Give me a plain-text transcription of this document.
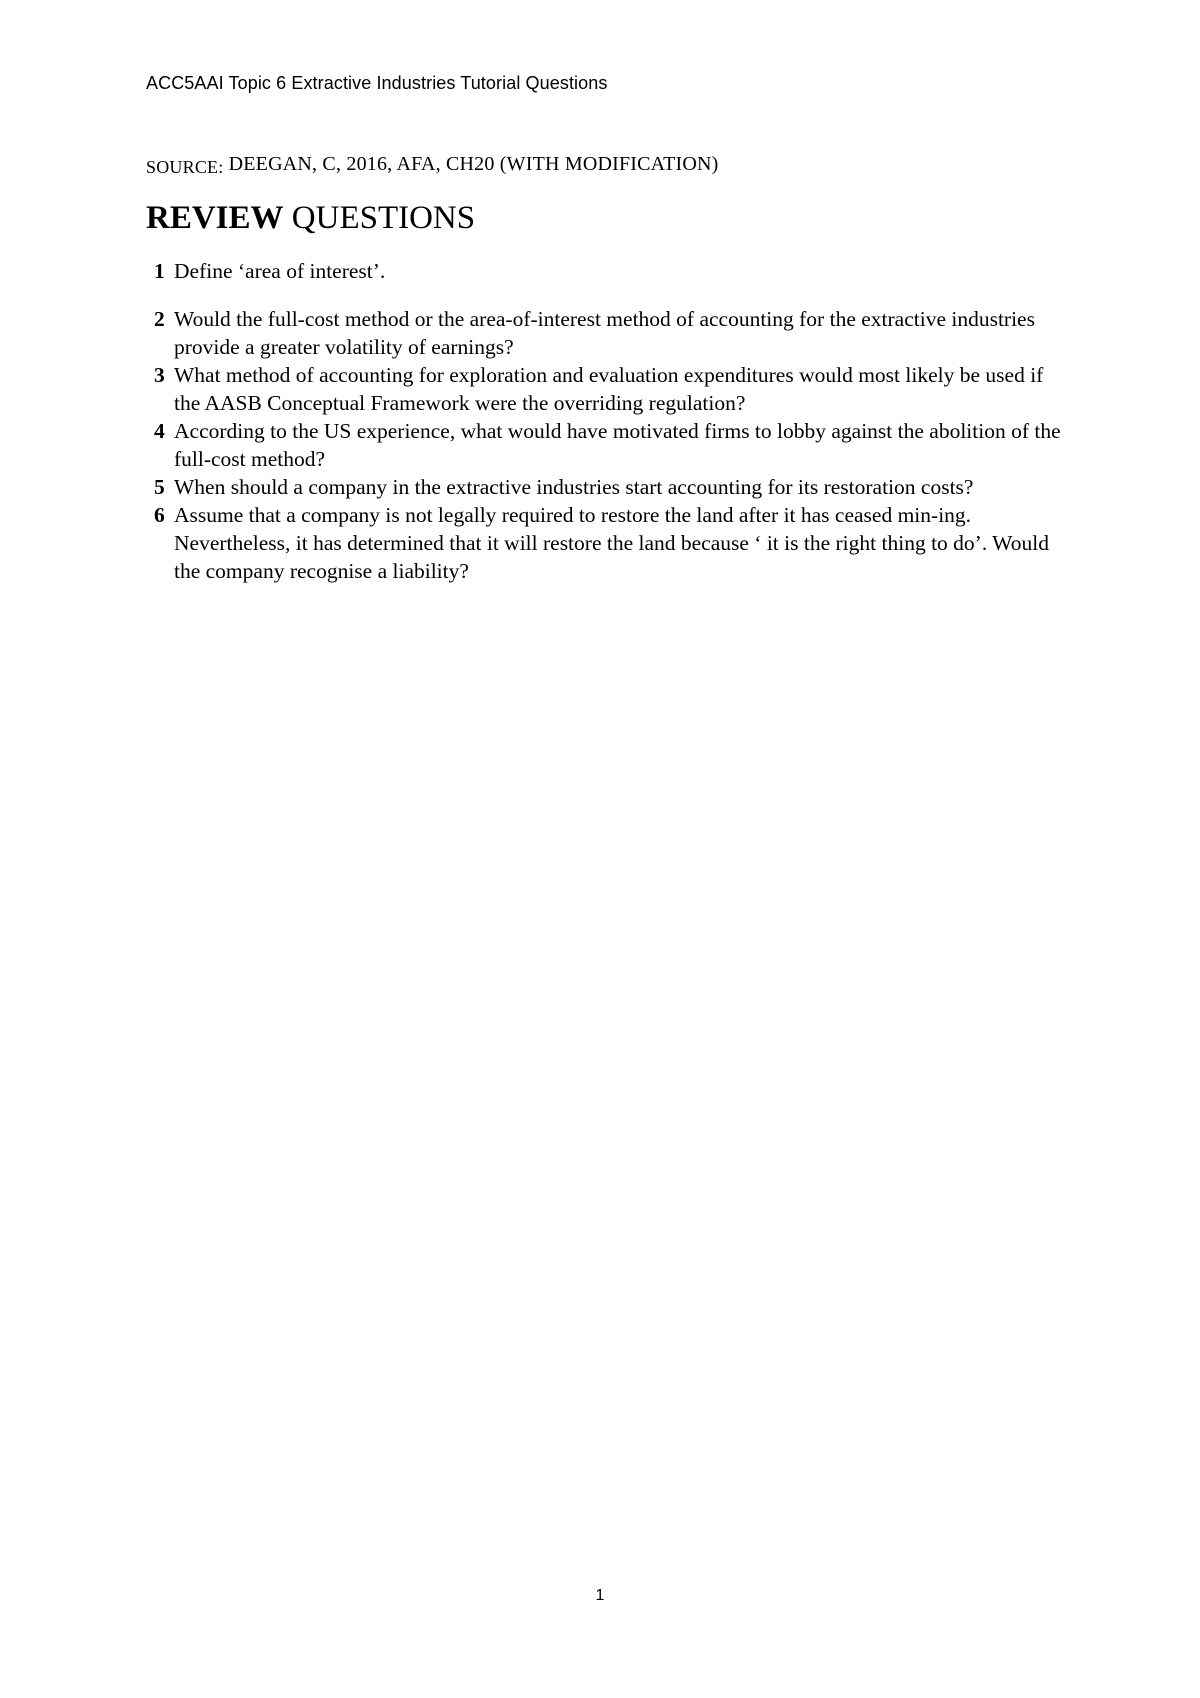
ACC5AAI Topic 6 Extractive Industries Tutorial Questions
SOURCE: DEEGAN, C, 2016, AFA, CH20 (WITH MODIFICATION)
REVIEW QUESTIONS
1 Define ‘area of interest’.
2 Would the full-cost method or the area-of-interest method of accounting for the extractive industries provide a greater volatility of earnings?
3 What method of accounting for exploration and evaluation expenditures would most likely be used if the AASB Conceptual Framework were the overriding regulation?
4 According to the US experience, what would have motivated firms to lobby against the abolition of the full-cost method?
5 When should a company in the extractive industries start accounting for its restoration costs?
6 Assume that a company is not legally required to restore the land after it has ceased min-ing. Nevertheless, it has determined that it will restore the land because ‘ it is the right thing to do’. Would the company recognise a liability?
1
